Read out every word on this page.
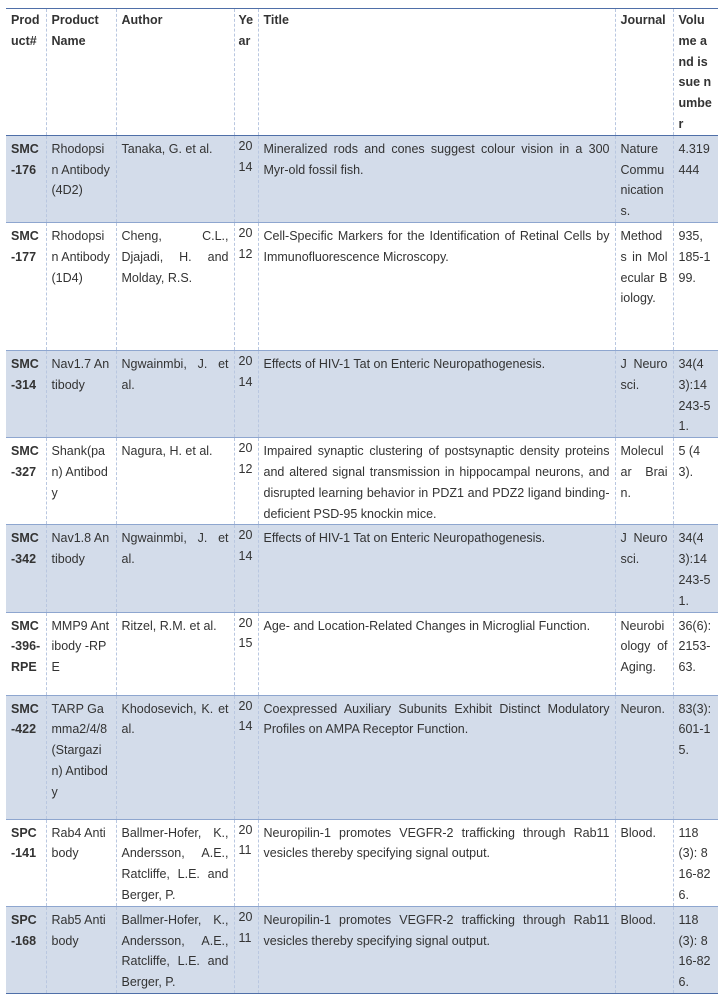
Product#	Product Name	Author	Year	Title	Journal	Volume and issue number
SMC-176	Rhodopsin Antibody (4D2)	Tanaka, G. et al.	2014	Mineralized rods and cones suggest colour vision in a 300 Myr-old fossil fish.	Nature Communications.	4.319444
SMC-177	Rhodopsin Antibody (1D4)	Cheng, C.L., Djajadi, H. and Molday, R.S.	2012	Cell-Specific Markers for the Identification of Retinal Cells by Immunofluorescence Microscopy.	Methods in Molecular Biology.	935, 185-199.
SMC-314	Nav1.7 Antibody	Ngwainmbi, J. et al.	2014	Effects of HIV-1 Tat on Enteric Neuropathogenesis.	J Neurosci.	34(43):14243-51.
SMC-327	Shank(pan) Antibody	Nagura, H. et al.	2012	Impaired synaptic clustering of postsynaptic density proteins and altered signal transmission in hippocampal neurons, and disrupted learning behavior in PDZ1 and PDZ2 ligand binding-deficient PSD-95 knockin mice.	Molecular Brain.	5 (43).
SMC-342	Nav1.8 Antibody	Ngwainmbi, J. et al.	2014	Effects of HIV-1 Tat on Enteric Neuropathogenesis.	J Neurosci.	34(43):14243-51.
SMC-396-RPE	MMP9 Antibody -RPE	Ritzel, R.M. et al.	2015	Age- and Location-Related Changes in Microglial Function.	Neurobiology of Aging.	36(6):2153-63.
SMC-422	TARP Gamma2/4/8 (Stargazin) Antibody	Khodosevich, K. et al.	2014	Coexpressed Auxiliary Subunits Exhibit Distinct Modulatory Profiles on AMPA Receptor Function.	Neuron.	83(3):601-15.
SPC-141	Rab4 Antibody	Ballmer-Hofer, K., Andersson, A.E., Ratcliffe, L.E. and Berger, P.	2011	Neuropilin-1 promotes VEGFR-2 trafficking through Rab11 vesicles thereby specifying signal output.	Blood.	118 (3): 816-826.
SPC-168	Rab5 Antibody	Ballmer-Hofer, K., Andersson, A.E., Ratcliffe, L.E. and Berger, P.	2011	Neuropilin-1 promotes VEGFR-2 trafficking through Rab11 vesicles thereby specifying signal output.	Blood.	118 (3): 816-826.
